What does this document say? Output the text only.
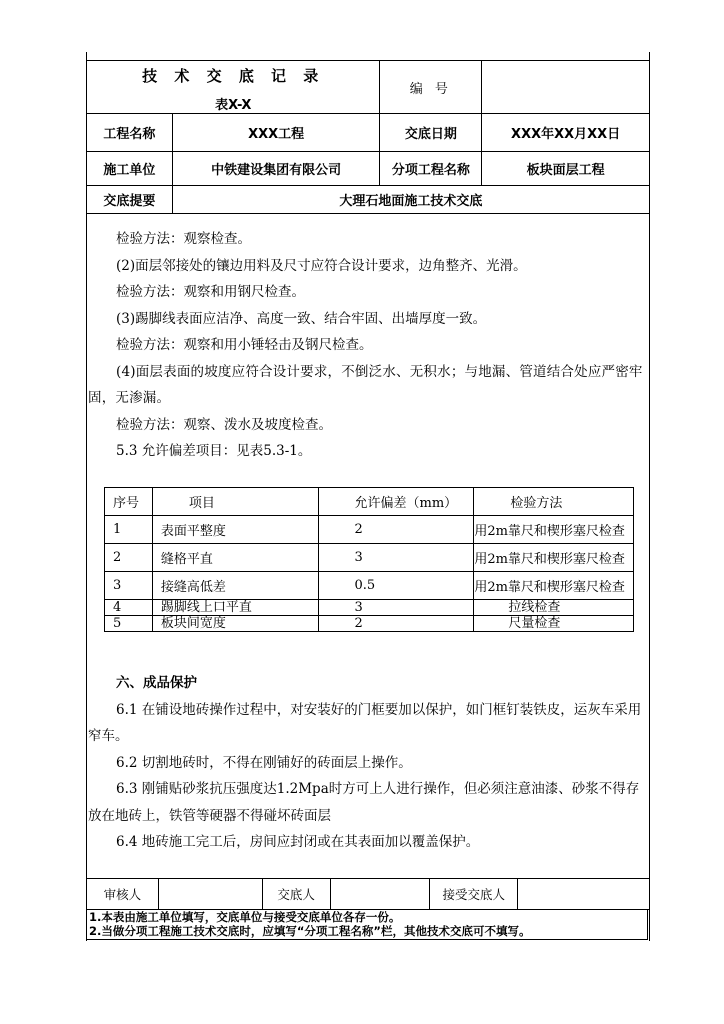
技 术 交 底 记 录
表X-X		编 号	
工程名称	XXX工程	交底日期	XXX年XX月XX日
施工单位	中铁建设集团有限公司	分项工程名称	板块面层工程
交底提要	大理石地面施工技术交底		

检验方法：观察检查。

(2)面层邻接处的镶边用料及尺寸应符合设计要求，边角整齐、光滑。

检验方法：观察和用钢尺检查。

(3)踢脚线表面应洁净、高度一致、结合牢固、出墙厚度一致。

检验方法：观察和用小锤轻击及钢尺检查。

(4)面层表面的坡度应符合设计要求，不倒泛水、无积水；与地漏、管道结合处应严密牢固，无渗漏。

检验方法：观察、泼水及坡度检查。

5.3 允许偏差项目：见表5.3-1。

序号	项目	允许偏差（mm）	检验方法
1	表面平整度	2	用2m靠尺和楔形塞尺检查
2	缝格平直	3	用2m靠尺和楔形塞尺检查
3	接缝高低差	0.5	用2m靠尺和楔形塞尺检查
4	踢脚线上口平直	3	拉线检查
5	板块间宽度	2	尺量检查

六、成品保护

6.1 在铺设地砖操作过程中，对安装好的门框要加以保护，如门框钉装铁皮，运灰车采用窄车。

6.2 切割地砖时，不得在刚铺好的砖面层上操作。

6.3 刚铺贴砂浆抗压强度达1.2Mpa时方可上人进行操作，但必须注意油漆、砂浆不得存放在地砖上，铁管等硬器不得碰坏砖面层

6.4 地砖施工完工后，房间应封闭或在其表面加以覆盖保护。

审核人		交底人		接受交底人	
1.本表由施工单位填写，交底单位与接受交底单位各存一份。
2.当做分项工程施工技术交底时，应填写“分项工程名称”栏，其他技术交底可不填写。
